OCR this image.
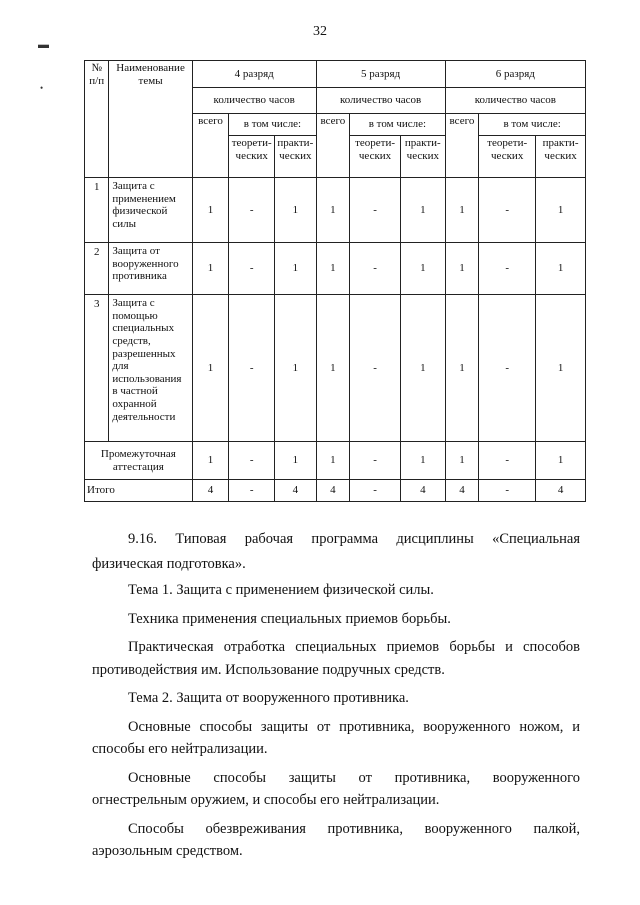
32
▬
•
№ п/п	Наименование темы	4 разряд			5 разряд			6 разряд		
		количество часов			количество часов			количество часов		
		всего	в том числе:		всего	в том числе:		всего	в том числе:	
			теорети- ческих	практи- ческих		теорети- ческих	практи- ческих		теорети- ческих	практи- ческих
1	Защита с применением физической силы	1	-	1	1	-	1	1	-	1
2	Защита от вооруженного противника	1	-	1	1	-	1	1	-	1
3	Защита с помощью специальных средств, разрешенных для использования в частной охранной деятельности	1	-	1	1	-	1	1	-	1
Промежуточная аттестация		1	-	1	1	-	1	1	-	1
Итого		4	-	4	4	-	4	4	-	4

9.16. Типовая рабочая программа дисциплины «Специальная

физическая подготовка».

Тема 1. Защита с применением физической силы.

Техника применения специальных приемов борьбы.

Практическая отработка специальных приемов борьбы и способов противодействия им. Использование подручных средств.

Тема 2. Защита от вооруженного противника.

Основные способы защиты от противника, вооруженного ножом, и способы его нейтрализации.

Основные способы защиты от противника, вооруженного огнестрельным оружием, и способы его нейтрализации.

Способы обезвреживания противника, вооруженного палкой, аэрозольным средством.
